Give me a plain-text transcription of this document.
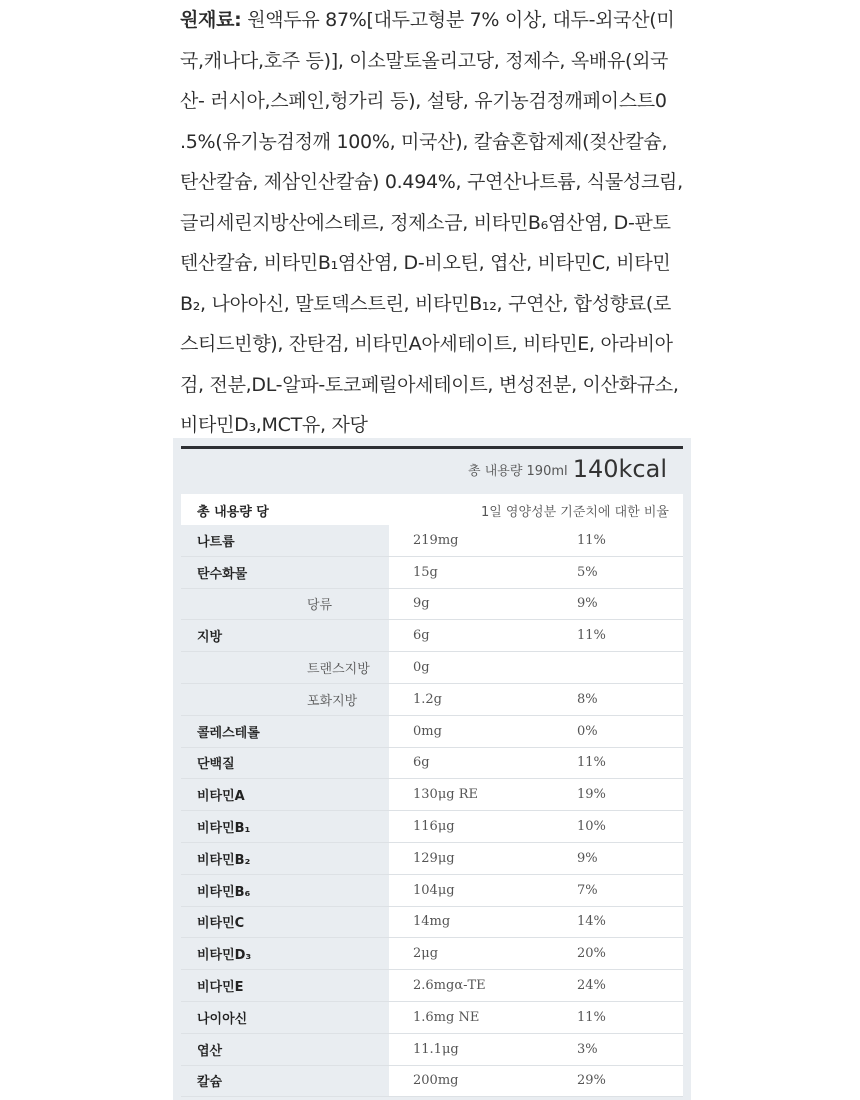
원재료: 원액두유 87%[대두고형분 7% 이상, 대두-외국산(미
국,캐나다,호주 등)], 이소말토올리고당, 정제수, 옥배유(외국
산- 러시아,스페인,헝가리 등), 설탕, 유기농검정깨페이스트0
.5%(유기농검정깨 100%, 미국산), 칼슘혼합제제(젖산칼슘,
탄산칼슘, 제삼인산칼슘) 0.494%, 구연산나트륨, 식물성크림,
글리세린지방산에스테르, 정제소금, 비타민B₆염산염, D-판토
텐산칼슘, 비타민B₁염산염, D-비오틴, 엽산, 비타민C, 비타민
B₂, 나아아신, 말토덱스트린, 비타민B₁₂, 구연산, 합성향료(로
스티드빈향), 잔탄검, 비타민A아세테이트, 비타민E, 아라비아
검, 전분,DL-알파-토코페릴아세테이트, 변성전분, 이산화규소,
비타민D₃,MCT유, 자당
총 내용량 190ml 140kcal
총 내용량 당	1일 영양성분 기준치에 대한 비율
나트륨	219mg	11%
탄수화물	15g	5%
당류	9g	9%
지방	6g	11%
트랜스지방	0g	
포화지방	1.2g	8%
콜레스테롤	0mg	0%
단백질	6g	11%
비타민A	130μg RE	19%
비타민B₁	116μg	10%
비타민B₂	129μg	9%
비타민B₆	104μg	7%
비타민C	14mg	14%
비타민D₃	2μg	20%
비다민E	2.6mgα-TE	24%
나이아신	1.6mg NE	11%
엽산	11.1μg	3%
칼슘	200mg	29%
